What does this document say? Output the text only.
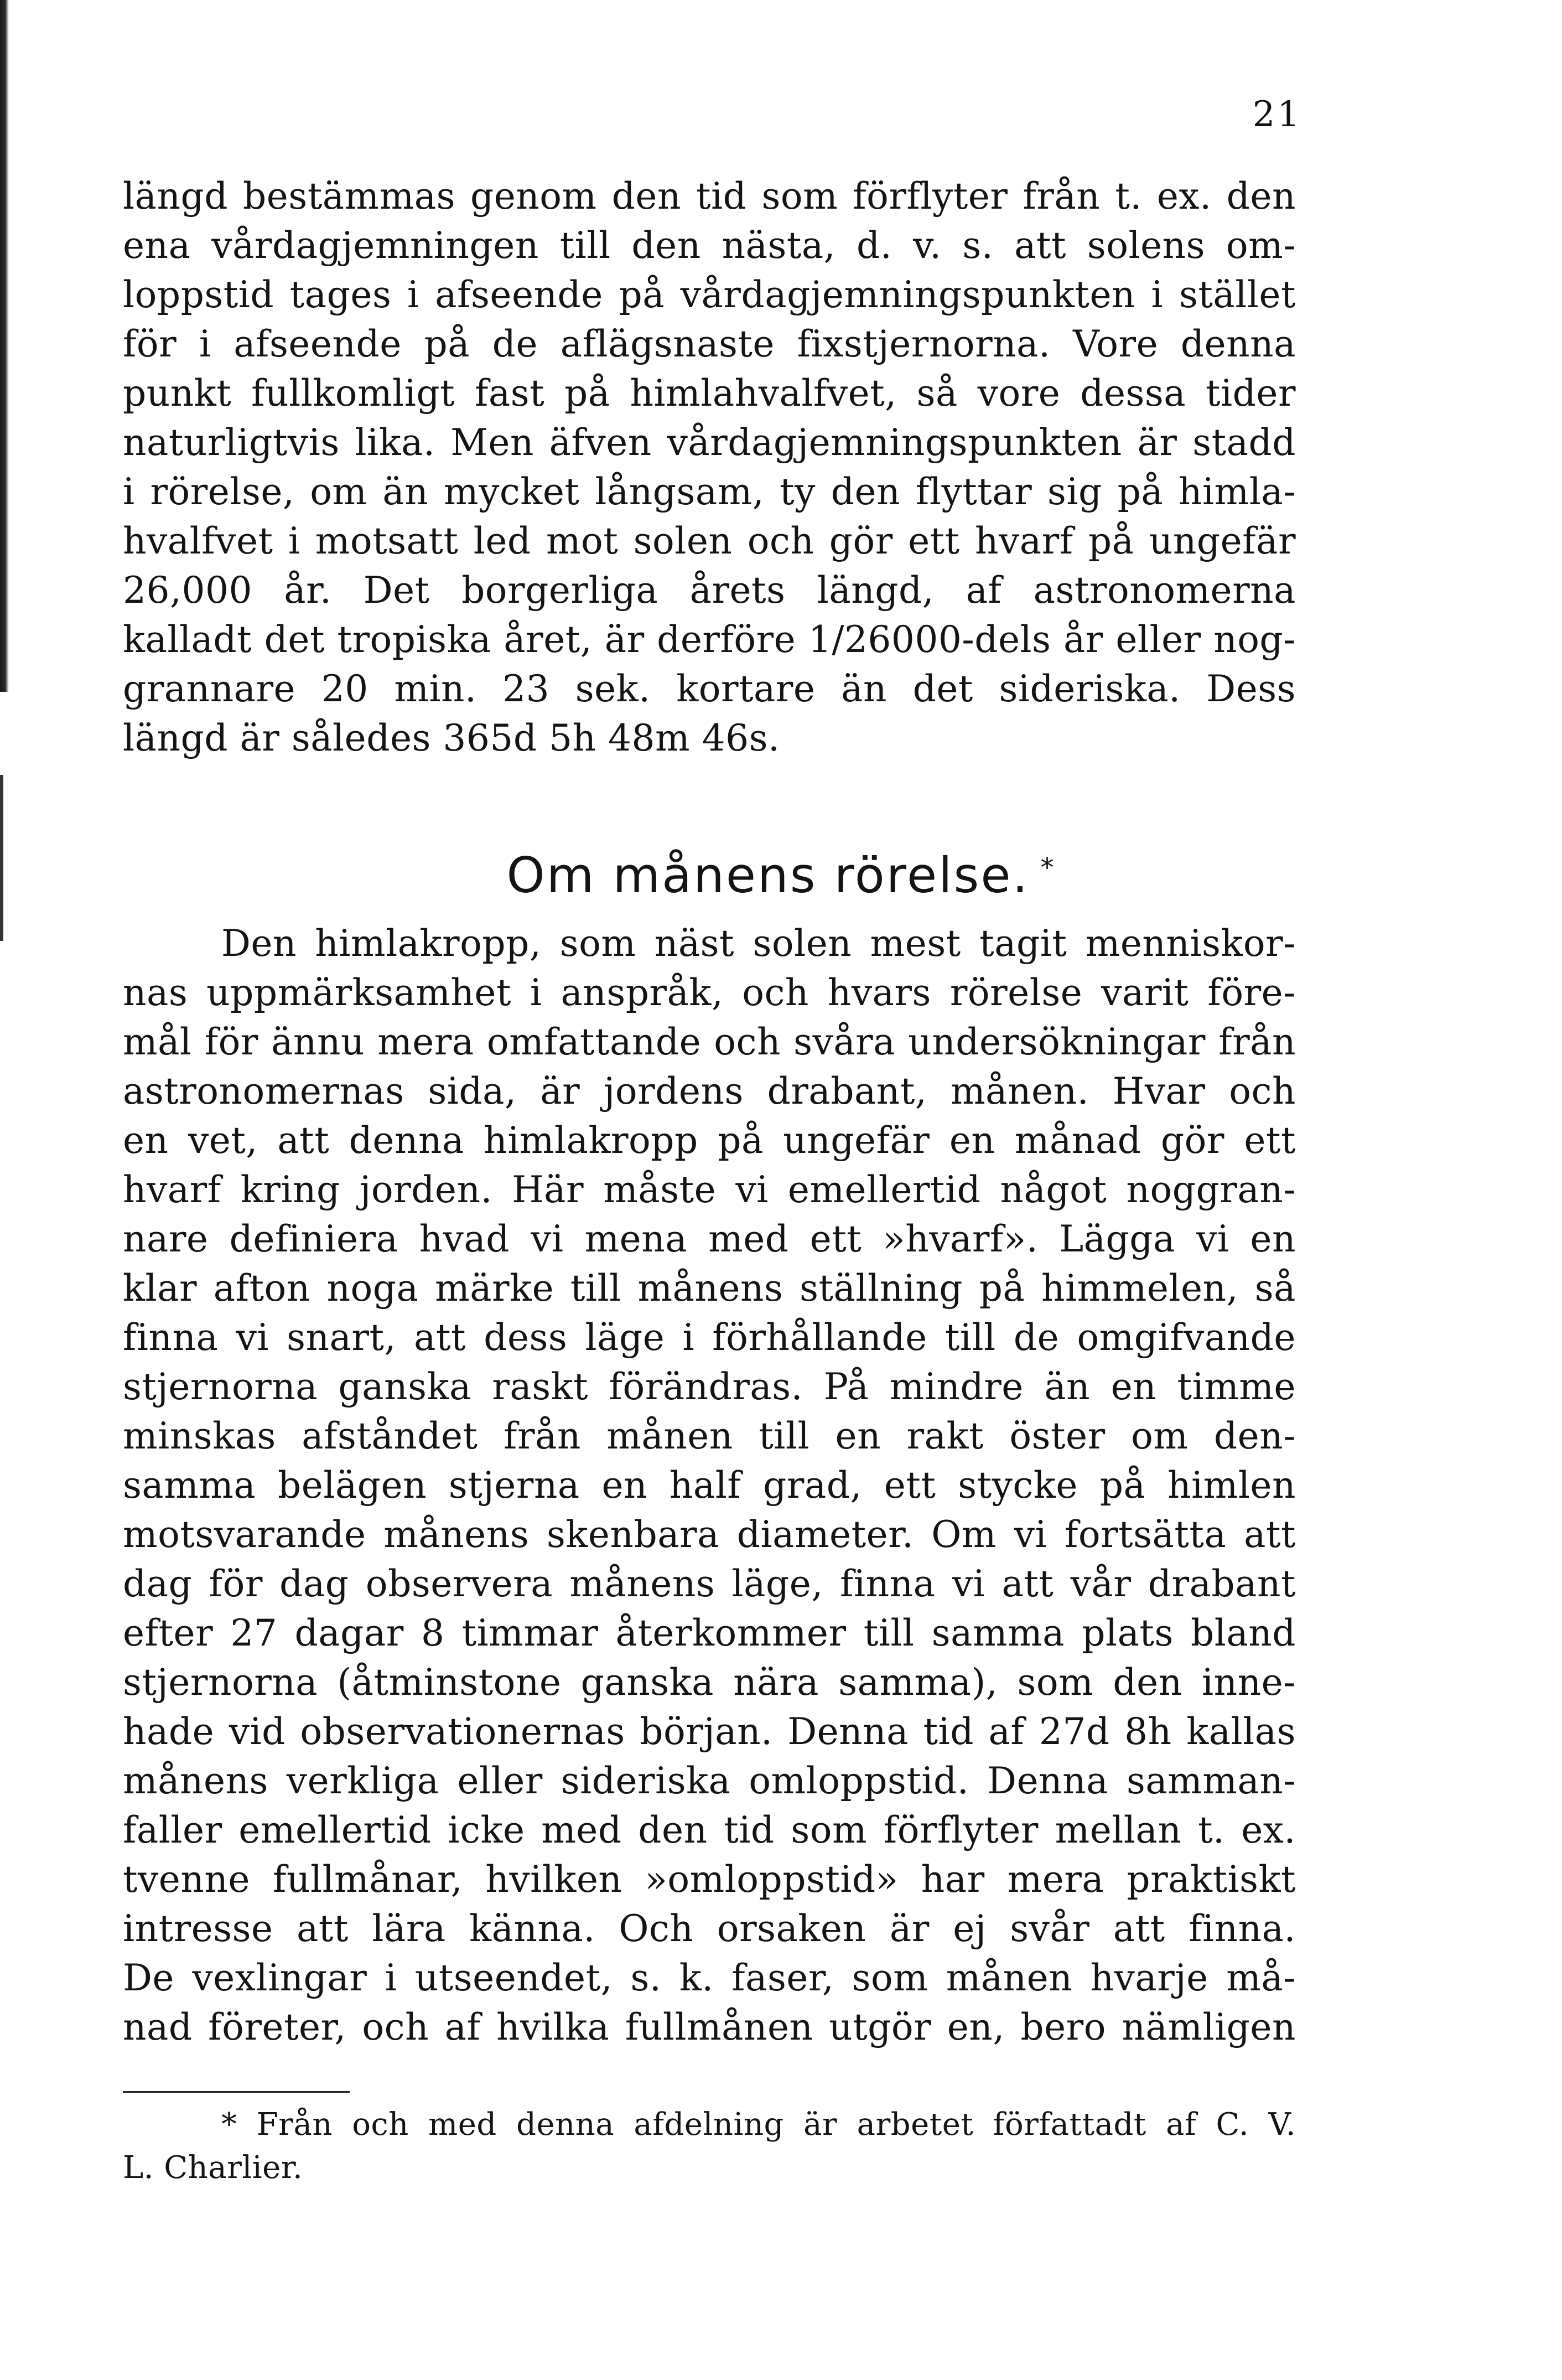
21
längd bestämmas genom den tid som förflyter från t. ex. den
ena vårdagjemningen till den nästa, d. v. s. att solens om-
loppstid tages i afseende på vårdagjemningspunkten i stället
för i afseende på de aflägsnaste fixstjernorna. Vore denna
punkt fullkomligt fast på himlahvalfvet, så vore dessa tider
naturligtvis lika. Men äfven vårdagjemningspunkten är stadd
i rörelse, om än mycket långsam, ty den flyttar sig på himla-
hvalfvet i motsatt led mot solen och gör ett hvarf på ungefär
26,000 år. Det borgerliga årets längd, af astronomerna
kalladt det tropiska året, är derföre 1/26000-dels år eller nog-
grannare 20 min. 23 sek. kortare än det sideriska. Dess
längd är således 365d 5h 48m 46s.
Om månens rörelse. *
Den himlakropp, som näst solen mest tagit menniskor-
nas uppmärksamhet i anspråk, och hvars rörelse varit före-
mål för ännu mera omfattande och svåra undersökningar från
astronomernas sida, är jordens drabant, månen. Hvar och
en vet, att denna himlakropp på ungefär en månad gör ett
hvarf kring jorden. Här måste vi emellertid något noggran-
nare definiera hvad vi mena med ett »hvarf». Lägga vi en
klar afton noga märke till månens ställning på himmelen, så
finna vi snart, att dess läge i förhållande till de omgifvande
stjernorna ganska raskt förändras. På mindre än en timme
minskas afståndet från månen till en rakt öster om den-
samma belägen stjerna en half grad, ett stycke på himlen
motsvarande månens skenbara diameter. Om vi fortsätta att
dag för dag observera månens läge, finna vi att vår drabant
efter 27 dagar 8 timmar återkommer till samma plats bland
stjernorna (åtminstone ganska nära samma), som den inne-
hade vid observationernas början. Denna tid af 27d 8h kallas
månens verkliga eller sideriska omloppstid. Denna samman-
faller emellertid icke med den tid som förflyter mellan t. ex.
tvenne fullmånar, hvilken »omloppstid» har mera praktiskt
intresse att lära känna. Och orsaken är ej svår att finna.
De vexlingar i utseendet, s. k. faser, som månen hvarje må-
nad företer, och af hvilka fullmånen utgör en, bero nämligen
* Från och med denna afdelning är arbetet författadt af C. V.
L. Charlier.
